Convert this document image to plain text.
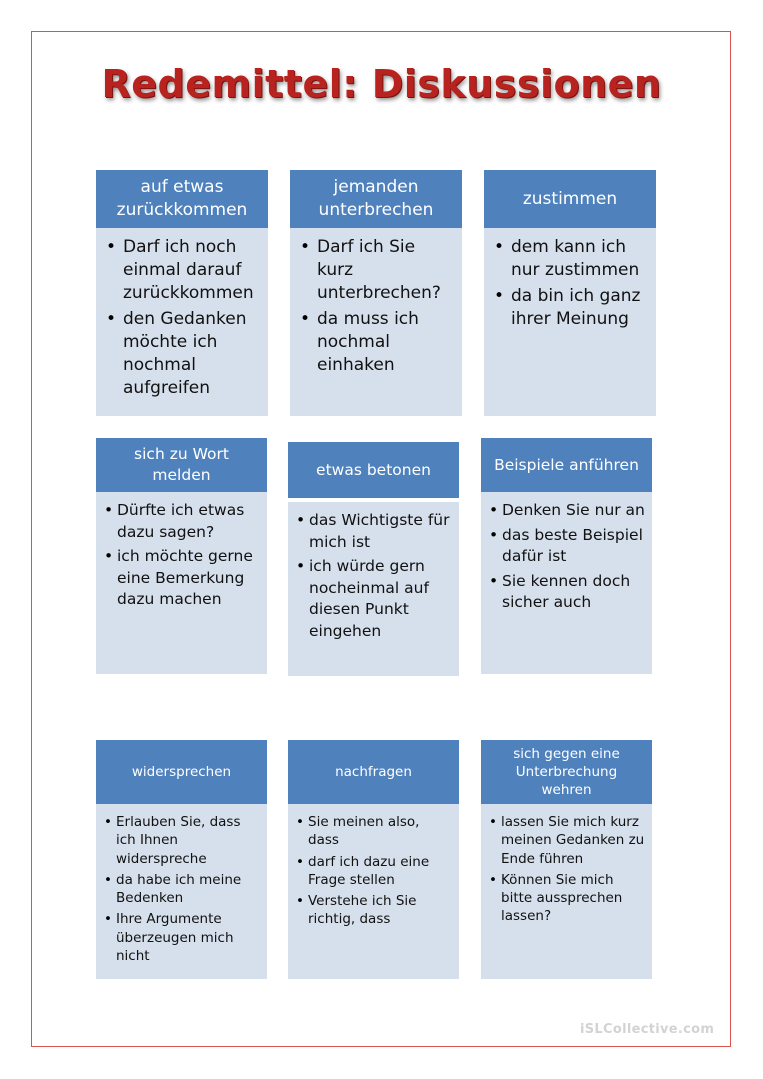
Redemittel: Diskussionen
auf etwas zurückkommen
• Darf ich noch einmal darauf zurückkommen
• den Gedanken möchte ich nochmal aufgreifen
jemanden unterbrechen
• Darf ich Sie kurz unterbrechen?
• da muss ich nochmal einhaken
zustimmen
• dem kann ich nur zustimmen
• da bin ich ganz ihrer Meinung
sich zu Wort melden
• Dürfte ich etwas dazu sagen?
• ich möchte gerne eine Bemerkung dazu machen
etwas betonen
• das Wichtigste für mich ist
• ich würde gern nocheinmal auf diesen Punkt eingehen
Beispiele anführen
• Denken Sie nur an
• das beste Beispiel dafür ist
• Sie kennen doch sicher auch
widersprechen
• Erlauben Sie, dass ich Ihnen widerspreche
• da habe ich meine Bedenken
• Ihre Argumente überzeugen mich nicht
nachfragen
• Sie meinen also, dass
• darf ich dazu eine Frage stellen
• Verstehe ich Sie richtig, dass
sich gegen eine Unterbrechung wehren
• lassen Sie mich kurz meinen Gedanken zu Ende führen
• Können Sie mich bitte aussprechen lassen?
iSLCollective.com
